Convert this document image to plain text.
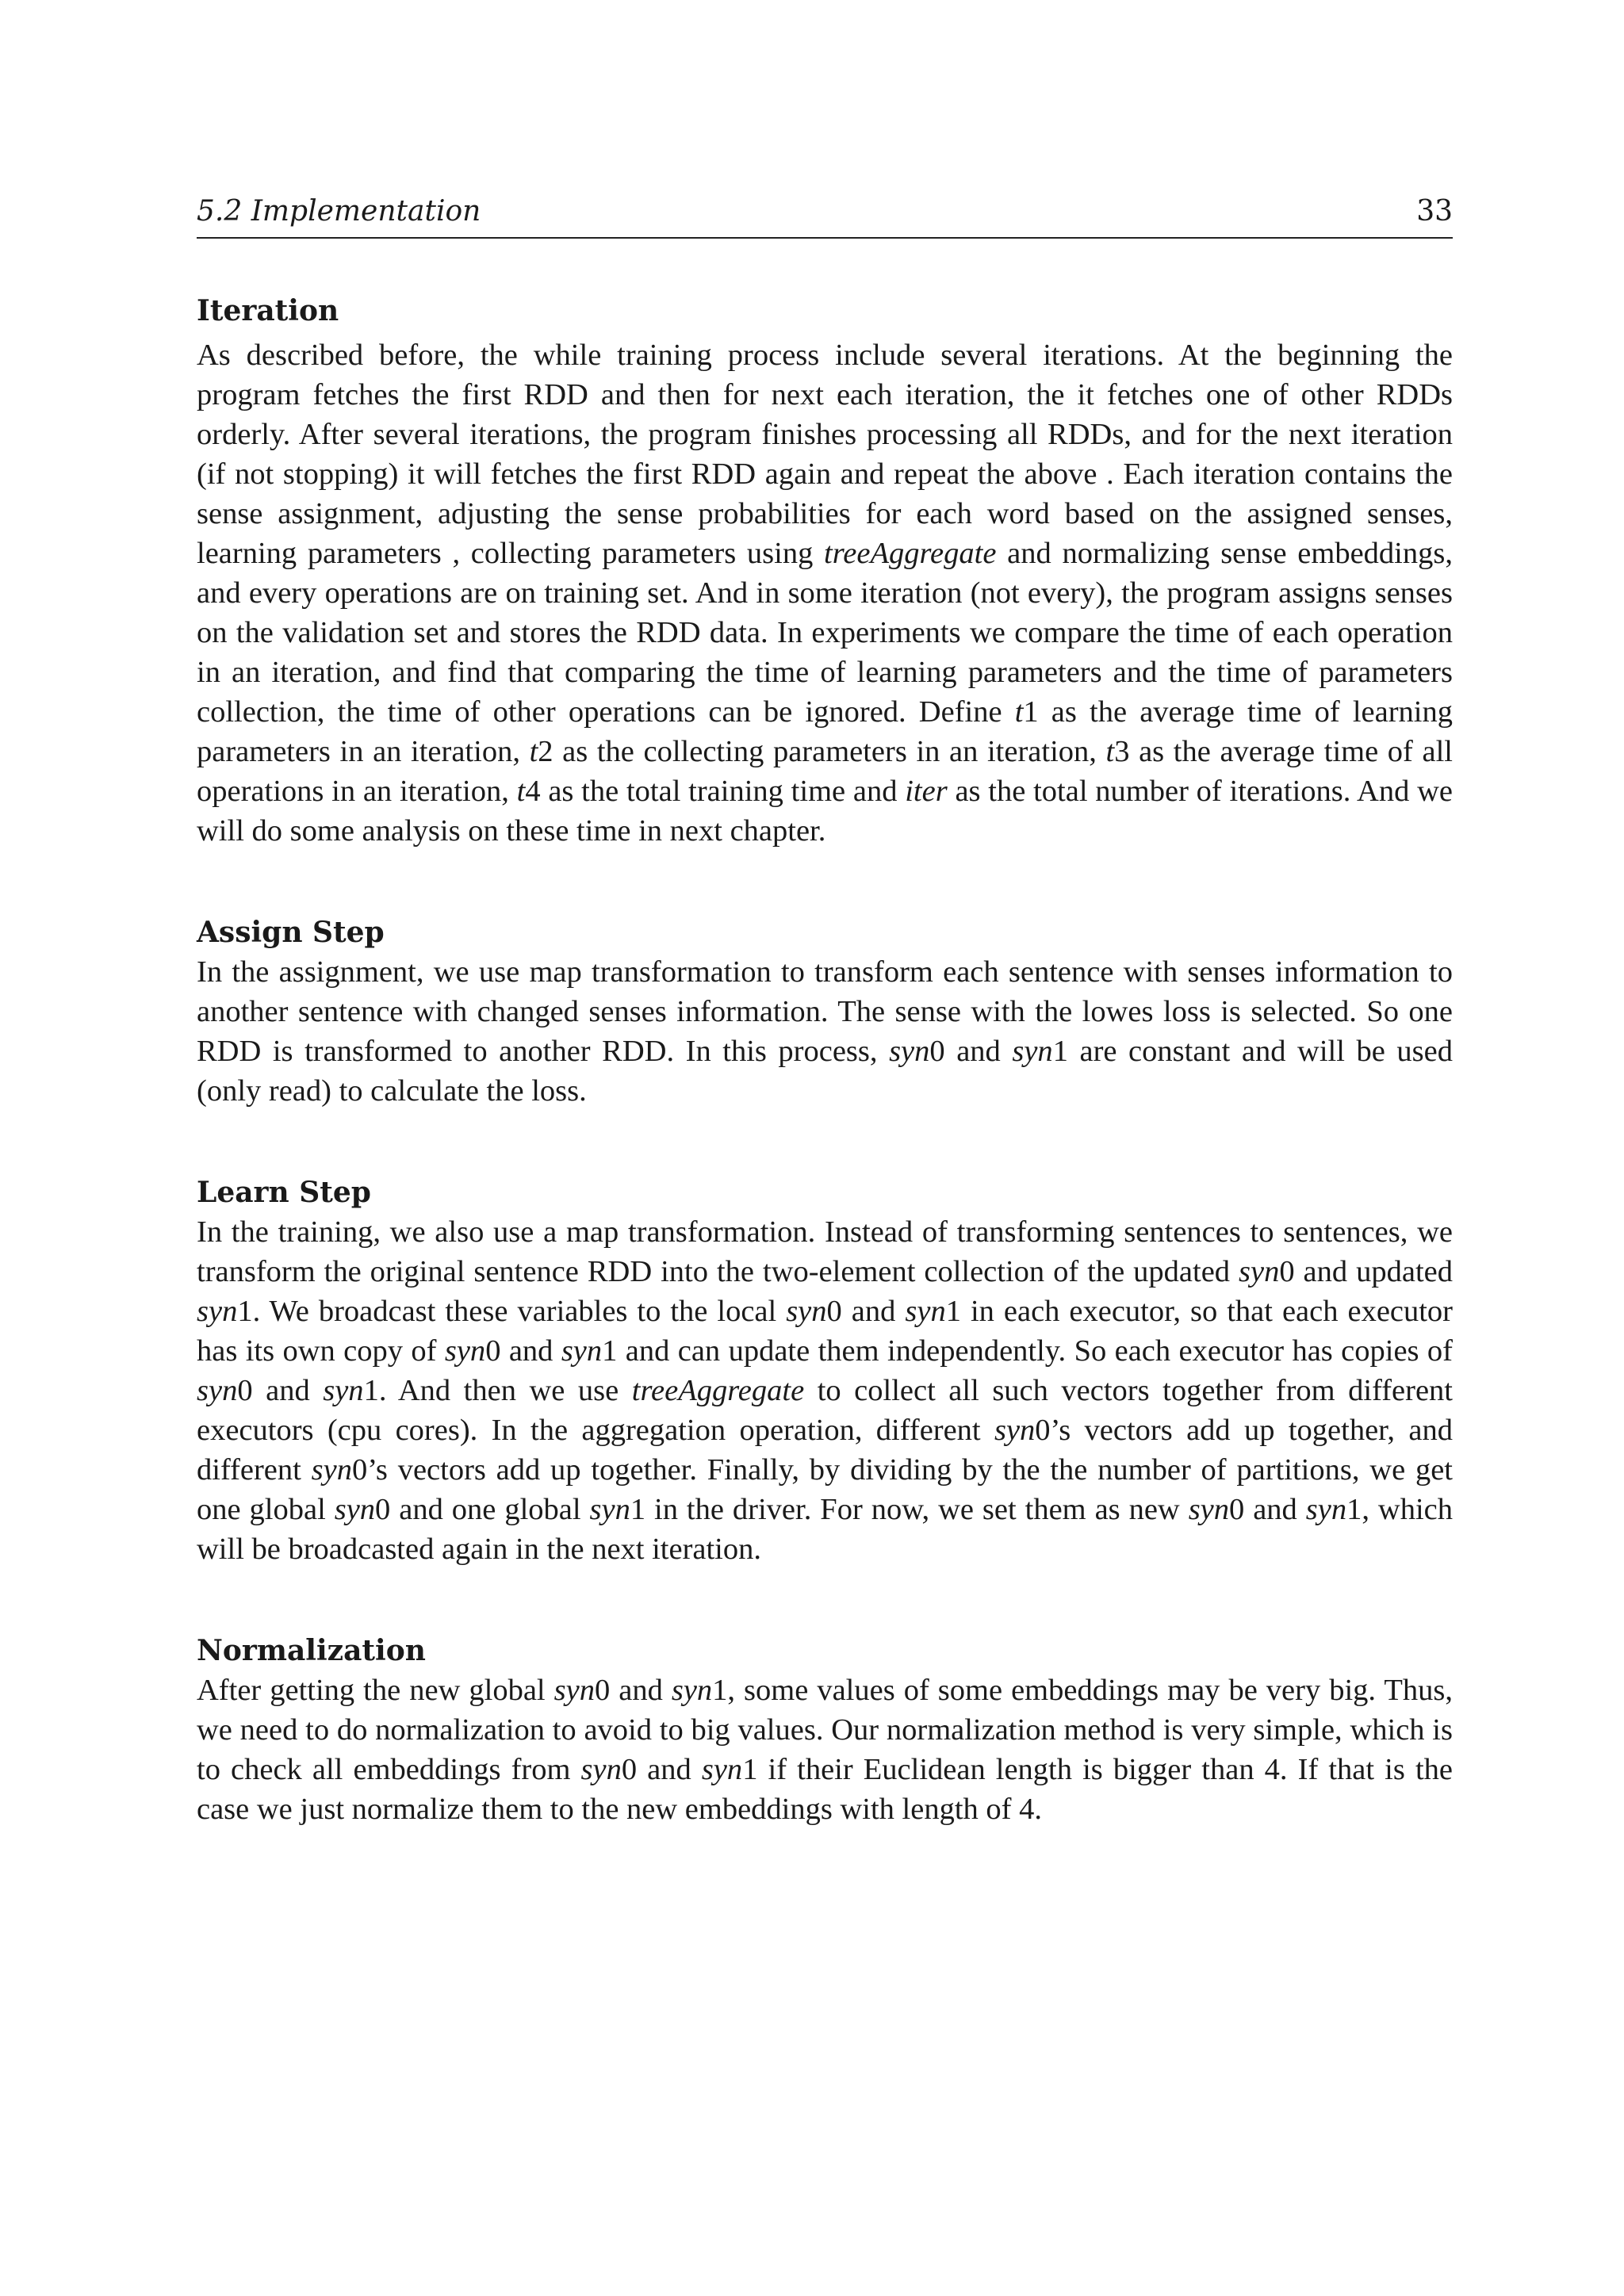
5.2 Implementation	33
Iteration

As described before, the while training process include several iterations. At the beginning the program fetches the first RDD and then for next each iteration, the it fetches one of other RDDs orderly. After several iterations, the program finishes processing all RDDs, and for the next iteration (if not stopping) it will fetches the first RDD again and repeat the above . Each iteration contains the sense assignment, adjusting the sense probabilities for each word based on the assigned senses, learning parameters , collecting parameters using treeAggregate and normalizing sense embeddings, and every operations are on training set. And in some iteration (not every), the program assigns senses on the validation set and stores the RDD data. In experiments we compare the time of each operation in an iteration, and find that comparing the time of learning parameters and the time of parameters collection, the time of other operations can be ignored. Define t1 as the average time of learning parameters in an iteration, t2 as the collecting parameters in an iteration, t3 as the average time of all operations in an iteration, t4 as the total training time and iter as the total number of iterations. And we will do some analysis on these time in next chapter.

Assign Step

In the assignment, we use map transformation to transform each sentence with senses information to another sentence with changed senses information. The sense with the lowes loss is selected. So one RDD is transformed to another RDD. In this process, syn0 and syn1 are constant and will be used (only read) to calculate the loss.

Learn Step

In the training, we also use a map transformation. Instead of transforming sentences to sentences, we transform the original sentence RDD into the two-element collection of the updated syn0 and updated syn1. We broadcast these variables to the local syn0 and syn1 in each executor, so that each executor has its own copy of syn0 and syn1 and can update them independently. So each executor has copies of syn0 and syn1. And then we use treeAggregate to collect all such vectors together from different executors (cpu cores). In the aggregation operation, different syn0’s vectors add up together, and different syn0’s vectors add up together. Finally, by dividing by the the number of partitions, we get one global syn0 and one global syn1 in the driver. For now, we set them as new syn0 and syn1, which will be broadcasted again in the next iteration.

Normalization

After getting the new global syn0 and syn1, some values of some embeddings may be very big. Thus, we need to do normalization to avoid to big values. Our normalization method is very simple, which is to check all embeddings from syn0 and syn1 if their Euclidean length is bigger than 4. If that is the case we just normalize them to the new embeddings with length of 4.
